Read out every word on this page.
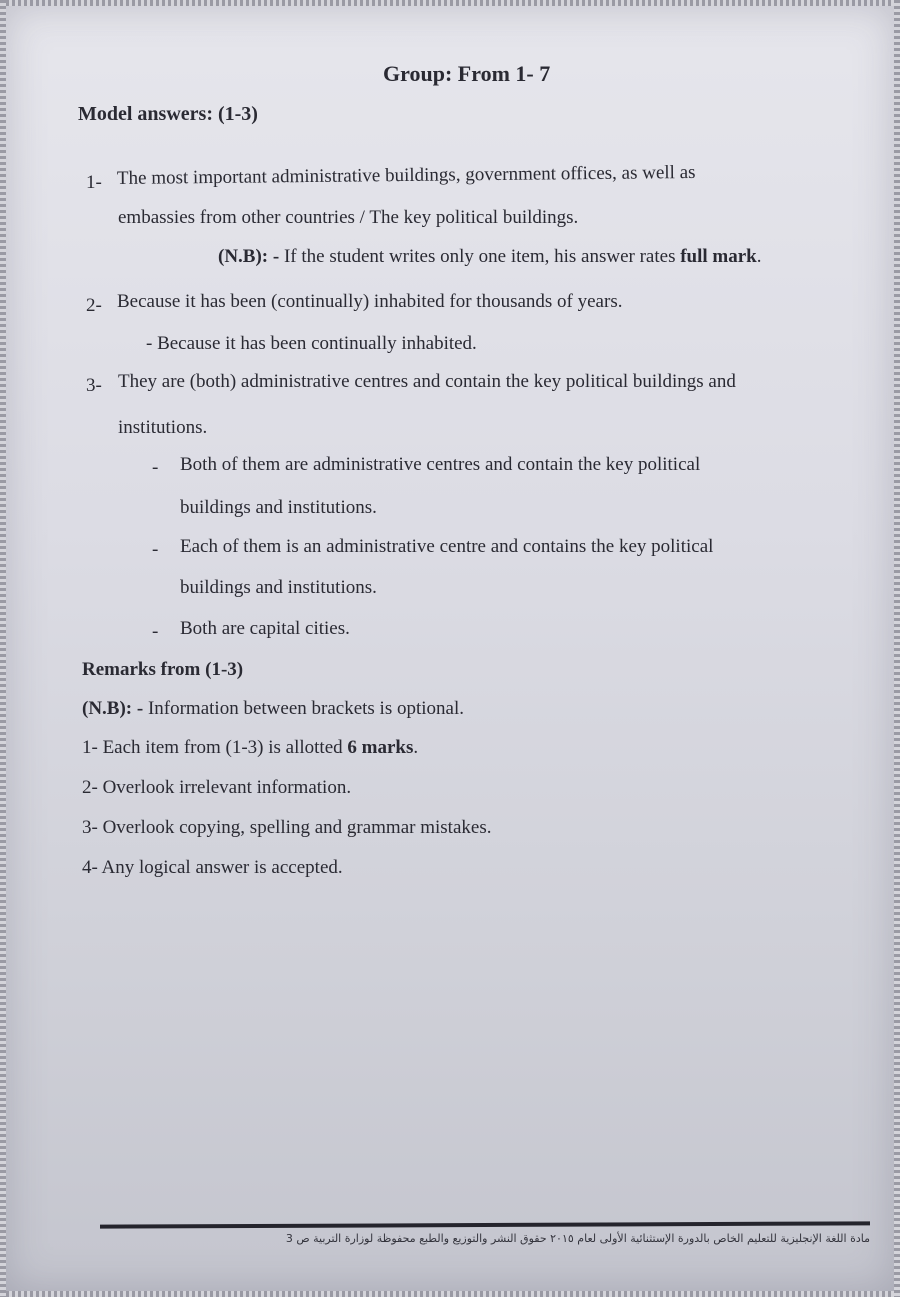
Group: From 1- 7
Model answers: (1-3)
1- The most important administrative buildings, government offices, as well as
embassies from other countries / The key political buildings.
(N.B): - If the student writes only one item, his answer rates full mark.
2- Because it has been (continually) inhabited for thousands of years.
- Because it has been continually inhabited.
3- They are (both) administrative centres and contain the key political buildings and
institutions.
- Both of them are administrative centres and contain the key political
buildings and institutions.
- Each of them is an administrative centre and contains the key political
buildings and institutions.
- Both are capital cities.
Remarks from (1-3)
(N.B): - Information between brackets is optional.
1- Each item from (1-3) is allotted 6 marks.
2- Overlook irrelevant information.
3- Overlook copying, spelling and grammar mistakes.
4- Any logical answer is accepted.
مادة اللغة الإنجليزية للتعليم الخاص بالدورة الإستثنائية الأولى لعام ٢٠١٥ حقوق النشر والتوزيع والطبع محفوظة لوزارة التربية ص 3
